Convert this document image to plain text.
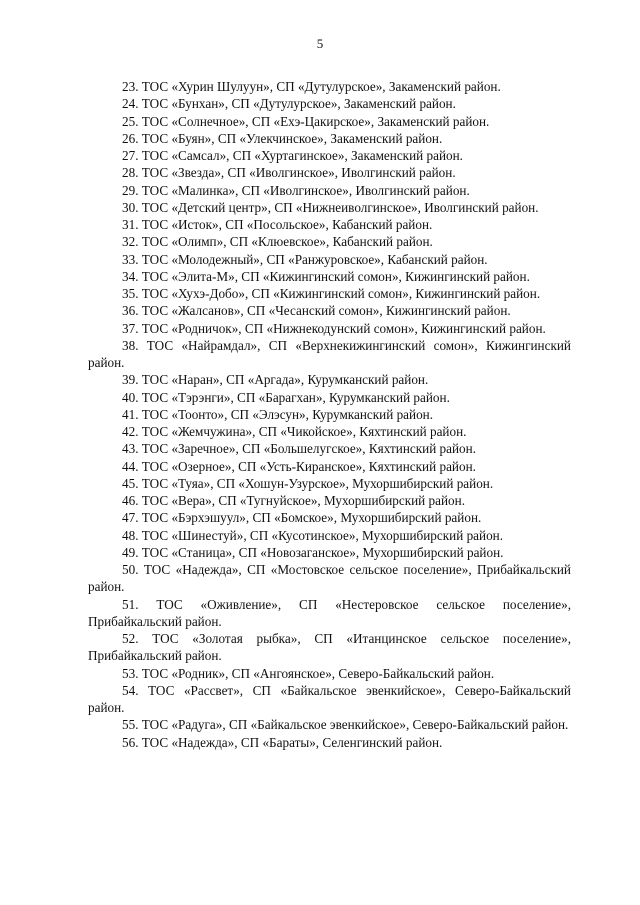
5
23. ТОС «Хурин Шулуун», СП «Дутулурское», Закаменский район.
24. ТОС «Бунхан», СП «Дутулурское», Закаменский район.
25. ТОС «Солнечное», СП «Ехэ-Цакирское», Закаменский район.
26. ТОС «Буян», СП «Улекчинское», Закаменский район.
27. ТОС «Самсал», СП «Хуртагинское», Закаменский район.
28. ТОС «Звезда», СП «Иволгинское», Иволгинский район.
29. ТОС «Малинка», СП «Иволгинское», Иволгинский район.
30. ТОС «Детский центр», СП «Нижнеиволгинское», Иволгинский район.
31. ТОС «Исток», СП «Посольское», Кабанский район.
32. ТОС «Олимп», СП «Клюевское», Кабанский район.
33. ТОС «Молодежный», СП «Ранжуровское», Кабанский район.
34. ТОС «Элита-М», СП «Кижингинский сомон», Кижингинский район.
35. ТОС «Хухэ-Добо», СП «Кижингинский сомон», Кижингинский район.
36. ТОС «Жалсанов», СП «Чесанский сомон», Кижингинский район.
37. ТОС «Родничок», СП «Нижнекодунский сомон», Кижингинский район.
38. ТОС «Найрамдал», СП «Верхнекижингинский сомон», Кижингинский район.
39. ТОС «Наран», СП «Аргада», Курумканский район.
40. ТОС «Тэрэнги», СП «Барагхан», Курумканский район.
41. ТОС «Тоонто», СП «Элэсун», Курумканский район.
42. ТОС «Жемчужина», СП «Чикойское», Кяхтинский район.
43. ТОС «Заречное», СП «Большелугское», Кяхтинский район.
44. ТОС «Озерное», СП «Усть-Киранское», Кяхтинский район.
45. ТОС «Туяа», СП «Хошун-Узурское», Мухоршибирский район.
46. ТОС «Вера», СП «Тугнуйское», Мухоршибирский район.
47. ТОС «Бэрхэшуул», СП «Бомское», Мухоршибирский район.
48. ТОС «Шинестуй», СП «Кусотинское», Мухоршибирский район.
49. ТОС «Станица», СП «Новозаганское», Мухоршибирский район.
50. ТОС «Надежда», СП «Мостовское сельское поселение», Прибайкальский район.
51. ТОС «Оживление», СП «Нестеровское сельское поселение», Прибайкальский район.
52. ТОС «Золотая рыбка», СП «Итанцинское сельское поселение», Прибайкальский район.
53. ТОС «Родник», СП «Ангоянское», Северо-Байкальский район.
54. ТОС «Рассвет», СП «Байкальское эвенкийское», Северо-Байкальский район.
55. ТОС «Радуга», СП «Байкальское эвенкийское», Северо-Байкальский район.
56. ТОС «Надежда», СП «Бараты», Селенгинский район.
